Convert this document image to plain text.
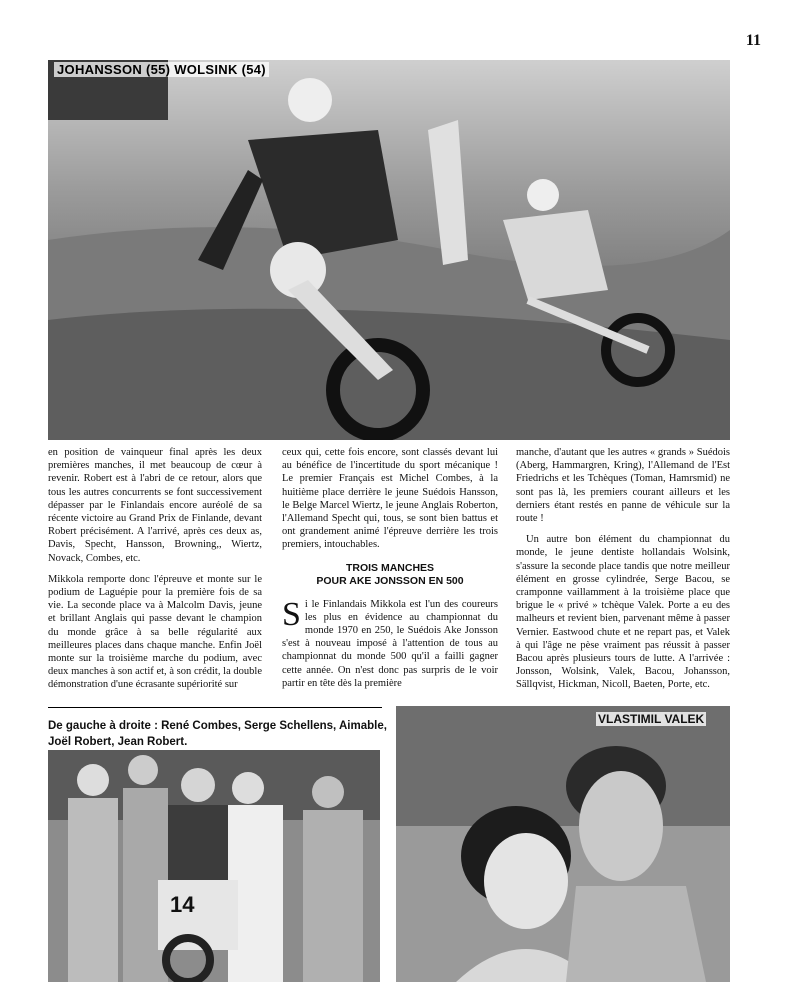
11
JOHANSSON (55) WOLSINK (54)

en position de vainqueur final après les deux premières manches, il met beaucoup de cœur à revenir. Robert est à l'abri de ce retour, alors que tous les autres concurrents se font successivement dépasser par le Finlandais encore auréolé de sa récente victoire au Grand Prix de Finlande, devant Robert précisément. A l'arrivé, après ces deux as, Davis, Specht, Hansson, Browning,, Wiertz, Novack, Combes, etc.

Mikkola remporte donc l'épreuve et monte sur le podium de Laguépie pour la première fois de sa vie. La seconde place va à Malcolm Davis, jeune et brillant Anglais qui passe devant le champion du monde grâce à sa belle régularité aux meilleures places dans chaque manche. Enfin Joël monte sur la troisième marche du podium, avec deux manches à son actif et, à son crédit, la double démonstration d'une écrasante supériorité sur

ceux qui, cette fois encore, sont classés devant lui au bénéfice de l'incertitude du sport mécanique ! Le premier Français est Michel Combes, à la huitième place derrière le jeune Suédois Hansson, le Belge Marcel Wiertz, le jeune Anglais Roberton, l'Allemand Specht qui, tous, se sont bien battus et ont grandement animé l'épreuve derrière les trois premiers, intouchables.

TROIS MANCHES
POUR AKE JONSSON EN 500

Si le Finlandais Mikkola est l'un des coureurs les plus en évidence au championnat du monde 1970 en 250, le Suédois Ake Jonsson s'est à nouveau imposé à l'attention de tous au championnat du monde 500 qu'il a failli gagner cette année. On n'est donc pas surpris de le voir partir en tête dès la première

manche, d'autant que les autres « grands » Suédois (Aberg, Hammargren, Kring), l'Allemand de l'Est Friedrichs et les Tchèques (Toman, Hamrsmid) ne sont pas là, les premiers courant ailleurs et les derniers étant restés en panne de véhicule sur la route !

Un autre bon élément du championnat du monde, le jeune dentiste hollandais Wolsink, s'assure la seconde place tandis que notre meilleur élément en grosse cylindrée, Serge Bacou, se cramponne vaillamment à la troisième place que brigue le « privé » tchèque Valek. Porte a eu des malheurs et revient bien, parvenant même à passer Vernier. Eastwood chute et ne repart pas, et Valek à qui l'âge ne pèse vraiment pas réussit à passer Bacou après plusieurs tours de lutte. A l'arrivée : Jonsson, Wolsink, Valek, Bacou, Johansson, Sällqvist, Hickman, Nicoll, Baeten, Porte, etc.

De gauche à droite : René Combes, Serge Schellens, Aimable, Joël Robert, Jean Robert.
14
VLASTIMIL VALEK
